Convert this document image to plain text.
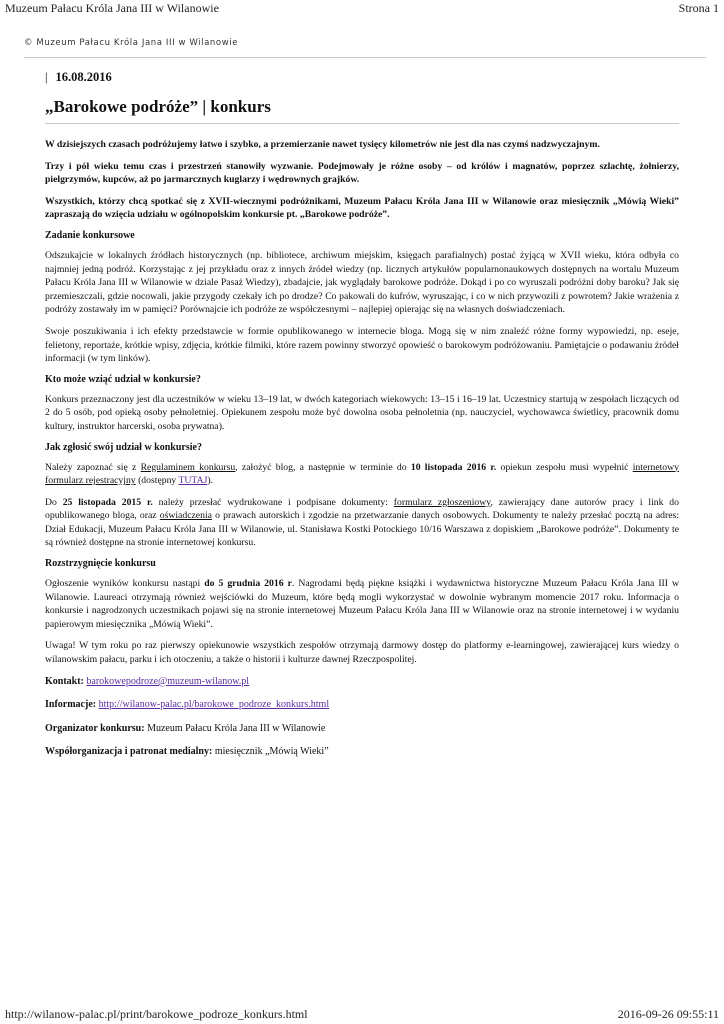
Muzeum Pałacu Króla Jana III w Wilanowie	Strona 1
© Muzeum Pałacu Króla Jana III w Wilanowie
| 16.08.2016
„Barokowe podróże” | konkurs

W dzisiejszych czasach podróżujemy łatwo i szybko, a przemierzanie nawet tysięcy kilometrów nie jest dla nas czymś nadzwyczajnym.

Trzy i pół wieku temu czas i przestrzeń stanowiły wyzwanie. Podejmowały je różne osoby – od królów i magnatów, poprzez szlachtę, żołnierzy, pielgrzymów, kupców, aż po jarmarcznych kuglarzy i wędrownych grajków.

Wszystkich, którzy chcą spotkać się z XVII-wiecznymi podróżnikami, Muzeum Pałacu Króla Jana III w Wilanowie oraz miesięcznik „Mówią Wieki” zapraszają do wzięcia udziału w ogólnopolskim konkursie pt. „Barokowe podróże”.

Zadanie konkursowe

Odszukajcie w lokalnych źródłach historycznych (np. bibliotece, archiwum miejskim, księgach parafialnych) postać żyjącą w XVII wieku, która odbyła co najmniej jedną podróż. Korzystając z jej przykładu oraz z innych źródeł wiedzy (np. licznych artykułów popularnonaukowych dostępnych na wortalu Muzeum Pałacu Króla Jana III w Wilanowie w dziale Pasaż Wiedzy), zbadajcie, jak wyglądały barokowe podróże. Dokąd i po co wyruszali podróżni doby baroku? Jak się przemieszczali, gdzie nocowali, jakie przygody czekały ich po drodze? Co pakowali do kufrów, wyruszając, i co w nich przywozili z powrotem? Jakie wrażenia z podróży zostawały im w pamięci? Porównajcie ich podróże ze współczesnymi – najlepiej opierając się na własnych doświadczeniach.

Swoje poszukiwania i ich efekty przedstawcie w formie opublikowanego w internecie bloga. Mogą się w nim znaleźć różne formy wypowiedzi, np. eseje, felietony, reportaże, krótkie wpisy, zdjęcia, krótkie filmiki, które razem powinny stworzyć opowieść o barokowym podróżowaniu. Pamiętajcie o podawaniu źródeł informacji (w tym linków).

Kto może wziąć udział w konkursie?

Konkurs przeznaczony jest dla uczestników w wieku 13–19 lat, w dwóch kategoriach wiekowych: 13–15 i 16–19 lat. Uczestnicy startują w zespołach liczących od 2 do 5 osób, pod opieką osoby pełnoletniej. Opiekunem zespołu może być dowolna osoba pełnoletnia (np. nauczyciel, wychowawca świetlicy, pracownik domu kultury, instruktor harcerski, osoba prywatna).

Jak zgłosić swój udział w konkursie?

Należy zapoznać się z Regulaminem konkursu, założyć blog, a następnie w terminie do 10 listopada 2016 r. opiekun zespołu musi wypełnić internetowy formularz rejestracyjny (dostępny TUTAJ).

Do 25 listopada 2015 r. należy przesłać wydrukowane i podpisane dokumenty: formularz zgłoszeniowy, zawierający dane autorów pracy i link do opublikowanego bloga, oraz oświadczenia o prawach autorskich i zgodzie na przetwarzanie danych osobowych. Dokumenty te należy przesłać pocztą na adres: Dział Edukacji, Muzeum Pałacu Króla Jana III w Wilanowie, ul. Stanisława Kostki Potockiego 10/16 Warszawa z dopiskiem „Barokowe podróże”. Dokumenty te są również dostępne na stronie internetowej konkursu.

Rozstrzygnięcie konkursu

Ogłoszenie wyników konkursu nastąpi do 5 grudnia 2016 r. Nagrodami będą piękne książki i wydawnictwa historyczne Muzeum Pałacu Króla Jana III w Wilanowie. Laureaci otrzymają również wejściówki do Muzeum, które będą mogli wykorzystać w dowolnie wybranym momencie 2017 roku. Informacja o konkursie i nagrodzonych uczestnikach pojawi się na stronie internetowej Muzeum Pałacu Króla Jana III w Wilanowie oraz na stronie internetowej i w wydaniu papierowym miesięcznika „Mówią Wieki”.

Uwaga! W tym roku po raz pierwszy opiekunowie wszystkich zespołów otrzymają darmowy dostęp do platformy e-learningowej, zawierającej kurs wiedzy o wilanowskim pałacu, parku i ich otoczeniu, a także o historii i kulturze dawnej Rzeczpospolitej.

Kontakt: barokowepodroze@muzeum-wilanow.pl

Informacje: http://wilanow-palac.pl/barokowe_podroze_konkurs.html

Organizator konkursu: Muzeum Pałacu Króla Jana III w Wilanowie

Współorganizacja i patronat medialny: miesięcznik „Mówią Wieki”

http://wilanow-palac.pl/print/barokowe_podroze_konkurs.html	2016-09-26 09:55:11
